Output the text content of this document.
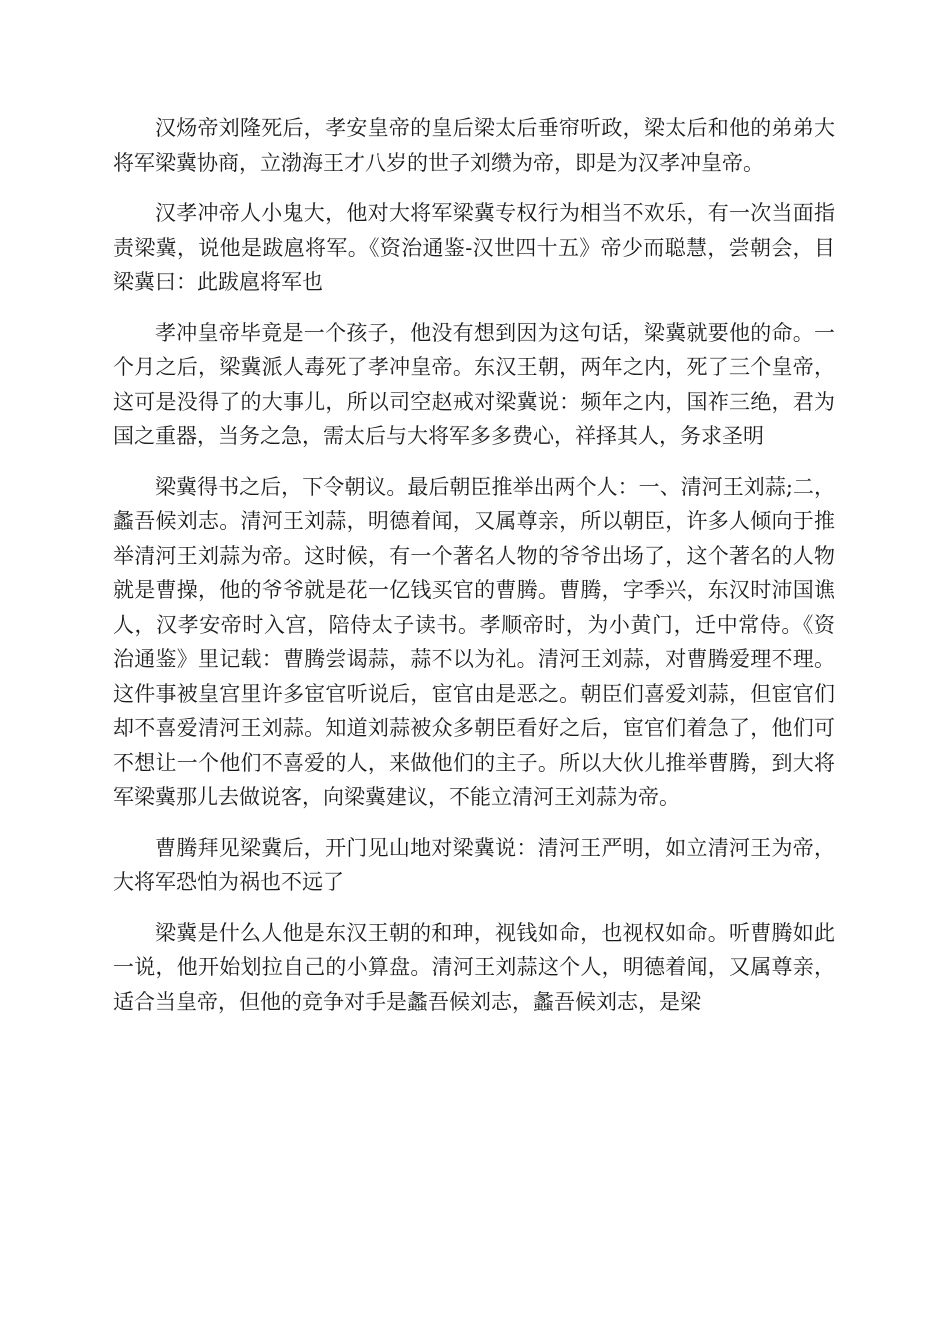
汉炀帝刘隆死后，孝安皇帝的皇后梁太后垂帘听政，梁太后和他的弟弟大将军梁冀协商，立渤海王才八岁的世子刘缵为帝，即是为汉孝冲皇帝。

汉孝冲帝人小鬼大，他对大将军梁冀专权行为相当不欢乐，有一次当面指责梁冀，说他是跋扈将军。《资治通鉴-汉世四十五》帝少而聪慧，尝朝会，目梁冀曰：此跋扈将军也

孝冲皇帝毕竟是一个孩子，他没有想到因为这句话，梁冀就要他的命。一个月之后，梁冀派人毒死了孝冲皇帝。东汉王朝，两年之内，死了三个皇帝，这可是没得了的大事儿，所以司空赵戒对梁冀说：频年之内，国祚三绝，君为国之重器，当务之急，需太后与大将军多多费心，祥择其人，务求圣明

梁冀得书之后，下令朝议。最后朝臣推举出两个人：一、清河王刘蒜;二，蠡吾候刘志。清河王刘蒜，明德着闻，又属尊亲，所以朝臣，许多人倾向于推举清河王刘蒜为帝。这时候，有一个著名人物的爷爷出场了，这个著名的人物就是曹操，他的爷爷就是花一亿钱买官的曹腾。曹腾，字季兴，东汉时沛国谯人，汉孝安帝时入宫，陪侍太子读书。孝顺帝时，为小黄门，迁中常侍。《资治通鉴》里记载：曹腾尝谒蒜，蒜不以为礼。清河王刘蒜，对曹腾爱理不理。这件事被皇宫里许多宦官听说后，宦官由是恶之。朝臣们喜爱刘蒜，但宦官们却不喜爱清河王刘蒜。知道刘蒜被众多朝臣看好之后，宦官们着急了，他们可不想让一个他们不喜爱的人，来做他们的主子。所以大伙儿推举曹腾，到大将军梁冀那儿去做说客，向梁冀建议，不能立清河王刘蒜为帝。

曹腾拜见梁冀后，开门见山地对梁冀说：清河王严明，如立清河王为帝，大将军恐怕为祸也不远了

梁冀是什么人他是东汉王朝的和珅，视钱如命，也视权如命。听曹腾如此一说，他开始划拉自己的小算盘。清河王刘蒜这个人，明德着闻，又属尊亲，适合当皇帝，但他的竞争对手是蠡吾候刘志，蠡吾候刘志，是梁
